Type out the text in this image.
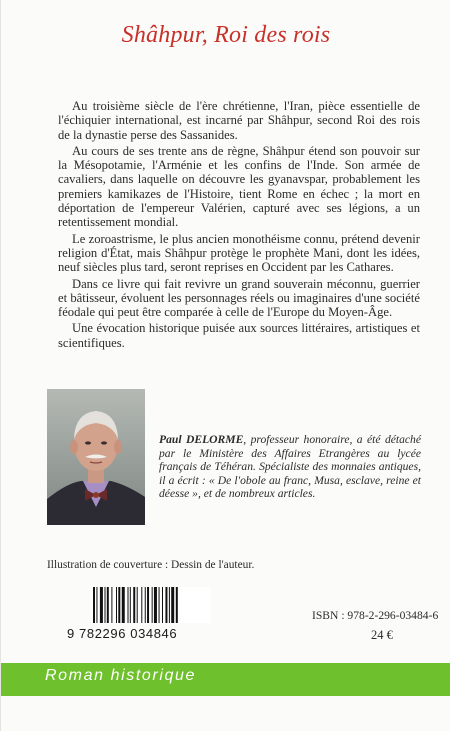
Shâhpur, Roi des rois

Au troisième siècle de l'ère chrétienne, l'Iran, pièce essentielle de l'échiquier international, est incarné par Shâhpur, second Roi des rois de la dynastie perse des Sassanides.

Au cours de ses trente ans de règne, Shâhpur étend son pouvoir sur la Mésopotamie, l'Arménie et les confins de l'Inde. Son armée de cavaliers, dans laquelle on découvre les gyanavspar, probablement les premiers kamikazes de l'Histoire, tient Rome en échec ; la mort en déportation de l'empereur Valérien, capturé avec ses légions, a un retentissement mondial.

Le zoroastrisme, le plus ancien monothéisme connu, prétend devenir religion d'État, mais Shâhpur protège le prophète Mani, dont les idées, neuf siècles plus tard, seront reprises en Occident par les Cathares.

Dans ce livre qui fait revivre un grand souverain méconnu, guerrier et bâtisseur, évoluent les personnages réels ou imaginaires d'une société féodale qui peut être comparée à celle de l'Europe du Moyen-Âge.

Une évocation historique puisée aux sources littéraires, artistiques et scientifiques.

Paul DELORME, professeur honoraire, a été détaché par le Ministère des Affaires Etrangères au lycée français de Téhéran. Spécialiste des monnaies antiques, il a écrit : « De l'obole au franc, Musa, esclave, reine et déesse », et de nombreux articles.
Illustration de couverture : Dessin de l'auteur.
9 782296 034846
ISBN : 978-2-296-03484-6
24 €
Roman historique
